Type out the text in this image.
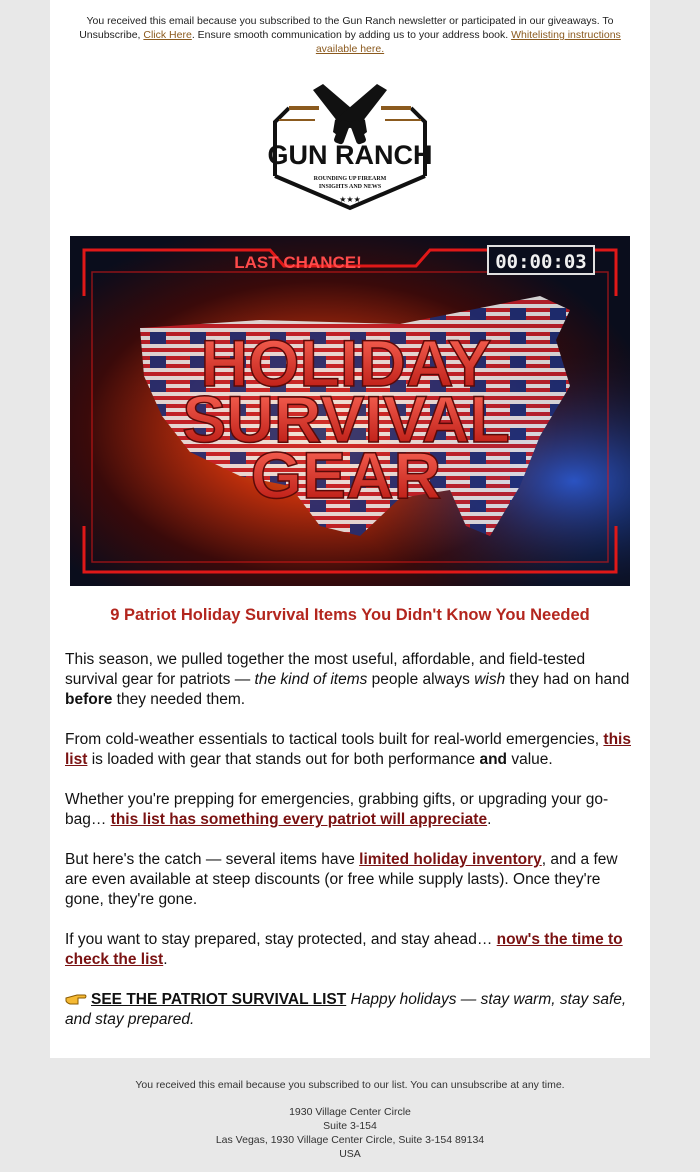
You received this email because you subscribed to the Gun Ranch newsletter or participated in our giveaways. To Unsubscribe, Click Here. Ensure smooth communication by adding us to your address book. Whitelisting instructions available here.
GUN RANCH
ROUNDING UP FIREARM
INSIGHTS AND NEWS
★★★
LAST CHANCE!	00:00:03
HOLIDAY
SURVIVAL
GEAR
9 Patriot Holiday Survival Items You Didn't Know You Needed

This season, we pulled together the most useful, affordable, and field-tested survival gear for patriots — the kind of items people always wish they had on hand before they needed them.

From cold-weather essentials to tactical tools built for real-world emergencies, this list is loaded with gear that stands out for both performance and value.

Whether you're prepping for emergencies, grabbing gifts, or upgrading your go-bag… this list has something every patriot will appreciate.

But here's the catch — several items have limited holiday inventory, and a few are even available at steep discounts (or free while supply lasts). Once they're gone, they're gone.

If you want to stay prepared, stay protected, and stay ahead… now's the time to check the list.

SEE THE PATRIOT SURVIVAL LIST Happy holidays — stay warm, stay safe, and stay prepared.

You received this email because you subscribed to our list. You can unsubscribe at any time.
1930 Village Center Circle
Suite 3-154
Las Vegas, 1930 Village Center Circle, Suite 3-154 89134
USA
